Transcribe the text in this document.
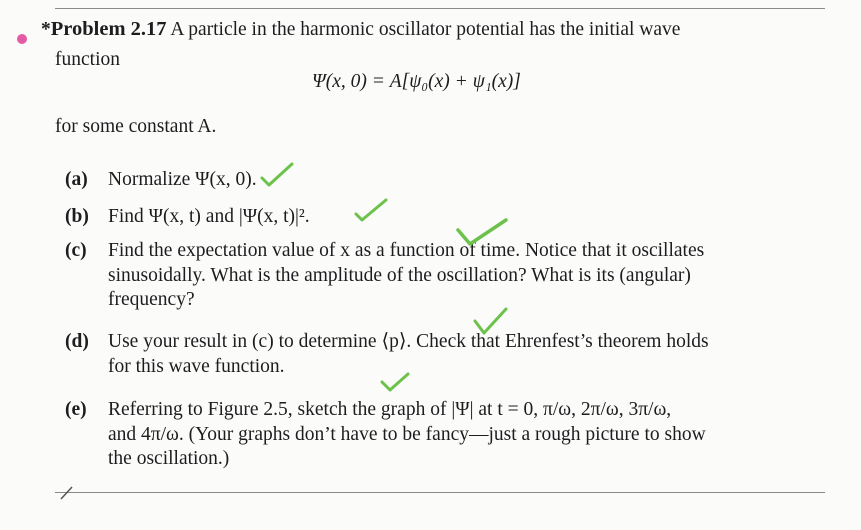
*Problem 2.17 A particle in the harmonic oscillator potential has the initial wave
function
Ψ(x, 0) = A[ψ₀(x) + ψ₁(x)]
for some constant A.
(a) Normalize Ψ(x, 0).
(b) Find Ψ(x, t) and |Ψ(x, t)|².
(c) Find the expectation value of x as a function of time. Notice that it oscillates
sinusoidally. What is the amplitude of the oscillation? What is its (angular)
frequency?
(d) Use your result in (c) to determine ⟨p⟩. Check that Ehrenfest’s theorem holds
for this wave function.
(e) Referring to Figure 2.5, sketch the graph of |Ψ| at t = 0, π/ω, 2π/ω, 3π/ω,
and 4π/ω. (Your graphs don’t have to be fancy—just a rough picture to show
the oscillation.)
